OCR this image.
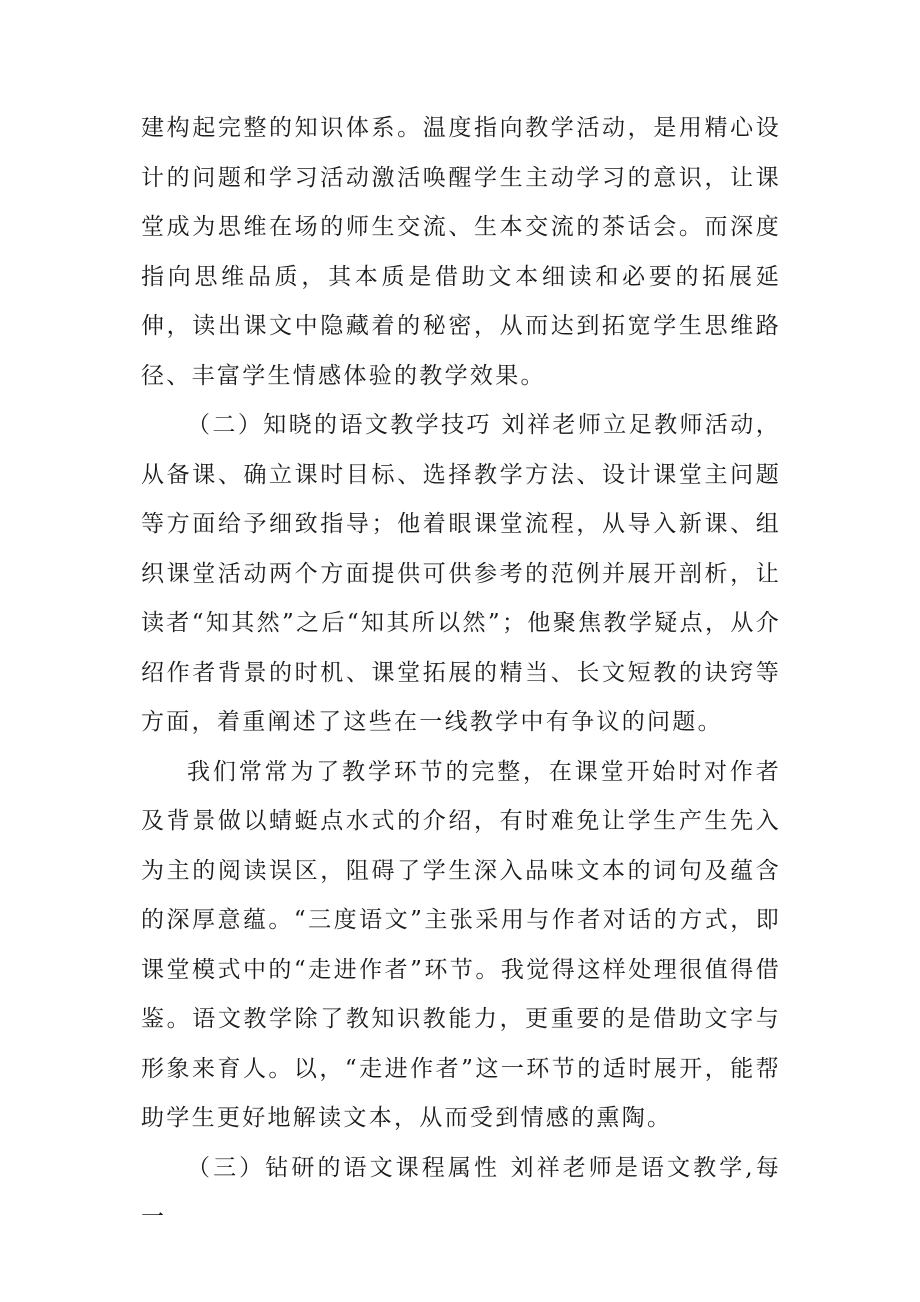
建构起完整的知识体系。温度指向教学活动，是用精心设计的问题和学习活动激活唤醒学生主动学习的意识，让课堂成为思维在场的师生交流、生本交流的茶话会。而深度指向思维品质，其本质是借助文本细读和必要的拓展延伸，读出课文中隐藏着的秘密，从而达到拓宽学生思维路径、丰富学生情感体验的教学效果。

（二）知晓的语文教学技巧 刘祥老师立足教师活动，从备课、确立课时目标、选择教学方法、设计课堂主问题等方面给予细致指导；他着眼课堂流程，从导入新课、组织课堂活动两个方面提供可供参考的范例并展开剖析，让读者“知其然”之后“知其所以然”；他聚焦教学疑点，从介绍作者背景的时机、课堂拓展的精当、长文短教的诀窍等方面，着重阐述了这些在一线教学中有争议的问题。

我们常常为了教学环节的完整，在课堂开始时对作者及背景做以蜻蜓点水式的介绍，有时难免让学生产生先入为主的阅读误区，阻碍了学生深入品味文本的词句及蕴含的深厚意蕴。“三度语文”主张采用与作者对话的方式，即课堂模式中的“走进作者”环节。我觉得这样处理很值得借鉴。语文教学除了教知识教能力，更重要的是借助文字与形象来育人。以，“走进作者”这一环节的适时展开，能帮助学生更好地解读文本，从而受到情感的熏陶。

（三）钻研的语文课程属性 刘祥老师是语文教学,每一
